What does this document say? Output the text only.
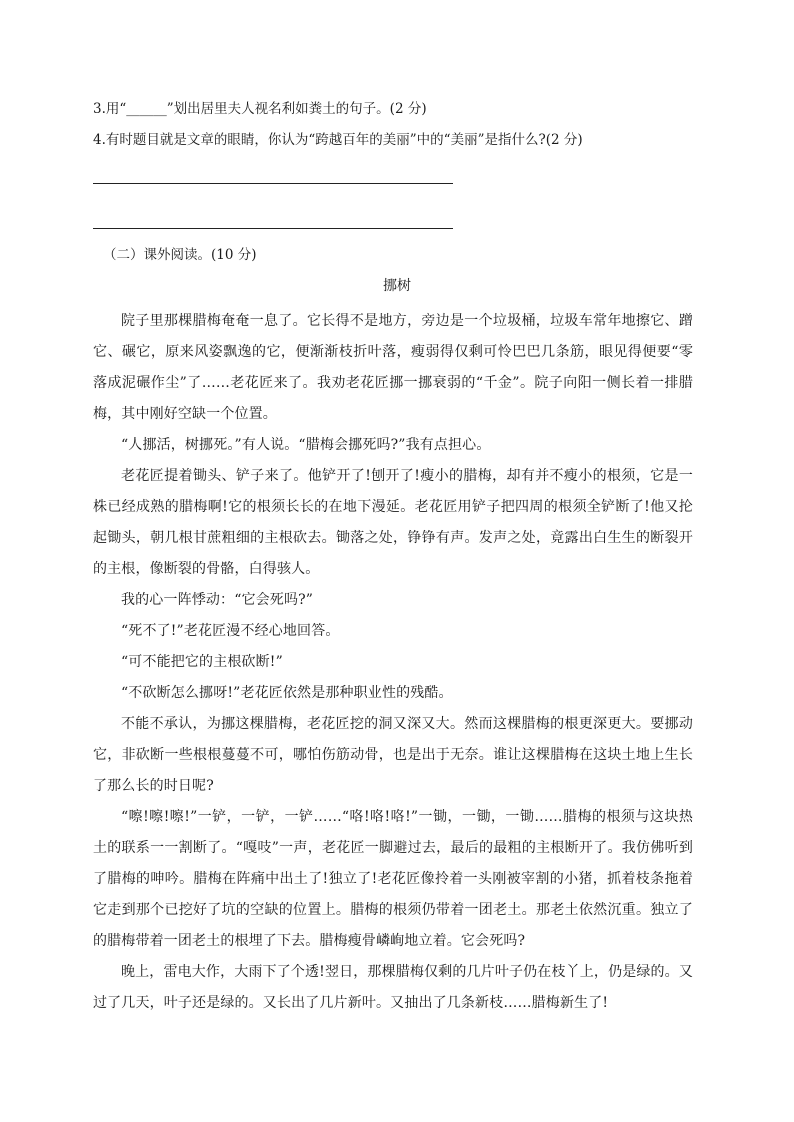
3.用“______”划出居里夫人视名利如粪土的句子。(2 分)
4.有时题目就是文章的眼睛，你认为“跨越百年的美丽”中的“美丽”是指什么?(2 分)
（二）课外阅读。(10 分)
挪树

院子里那棵腊梅奄奄一息了。它长得不是地方，旁边是一个垃圾桶，垃圾车常年地擦它、蹭它、碾它，原来风姿飘逸的它，便渐渐枝折叶落，瘦弱得仅剩可怜巴巴几条筋，眼见得便要“零落成泥碾作尘”了……老花匠来了。我劝老花匠挪一挪衰弱的“千金”。院子向阳一侧长着一排腊梅，其中刚好空缺一个位置。

“人挪活，树挪死。”有人说。“腊梅会挪死吗?”我有点担心。

老花匠提着锄头、铲子来了。他铲开了!刨开了!瘦小的腊梅，却有并不瘦小的根须，它是一株已经成熟的腊梅啊!它的根须长长的在地下漫延。老花匠用铲子把四周的根须全铲断了!他又抡起锄头，朝几根甘蔗粗细的主根砍去。锄落之处，铮铮有声。发声之处，竟露出白生生的断裂开的主根，像断裂的骨骼，白得骇人。

我的心一阵悸动：“它会死吗?”

“死不了!”老花匠漫不经心地回答。

“可不能把它的主根砍断!”

“不砍断怎么挪呀!”老花匠依然是那种职业性的残酷。

不能不承认，为挪这棵腊梅，老花匠挖的洞又深又大。然而这棵腊梅的根更深更大。要挪动它，非砍断一些根根蔓蔓不可，哪怕伤筋动骨，也是出于无奈。谁让这棵腊梅在这块土地上生长了那么长的时日呢?

“嚓!嚓!嚓!”一铲，一铲，一铲……“咯!咯!咯!”一锄，一锄，一锄……腊梅的根须与这块热土的联系一一割断了。“嘎吱”一声，老花匠一脚避过去，最后的最粗的主根断开了。我仿佛听到了腊梅的呻吟。腊梅在阵痛中出土了!独立了!老花匠像拎着一头刚被宰割的小猪，抓着枝条拖着它走到那个已挖好了坑的空缺的位置上。腊梅的根须仍带着一团老土。那老土依然沉重。独立了的腊梅带着一团老土的根埋了下去。腊梅瘦骨嶙峋地立着。它会死吗?

晚上，雷电大作，大雨下了个透!翌日，那棵腊梅仅剩的几片叶子仍在枝丫上，仍是绿的。又过了几天，叶子还是绿的。又长出了几片新叶。又抽出了几条新枝……腊梅新生了!
